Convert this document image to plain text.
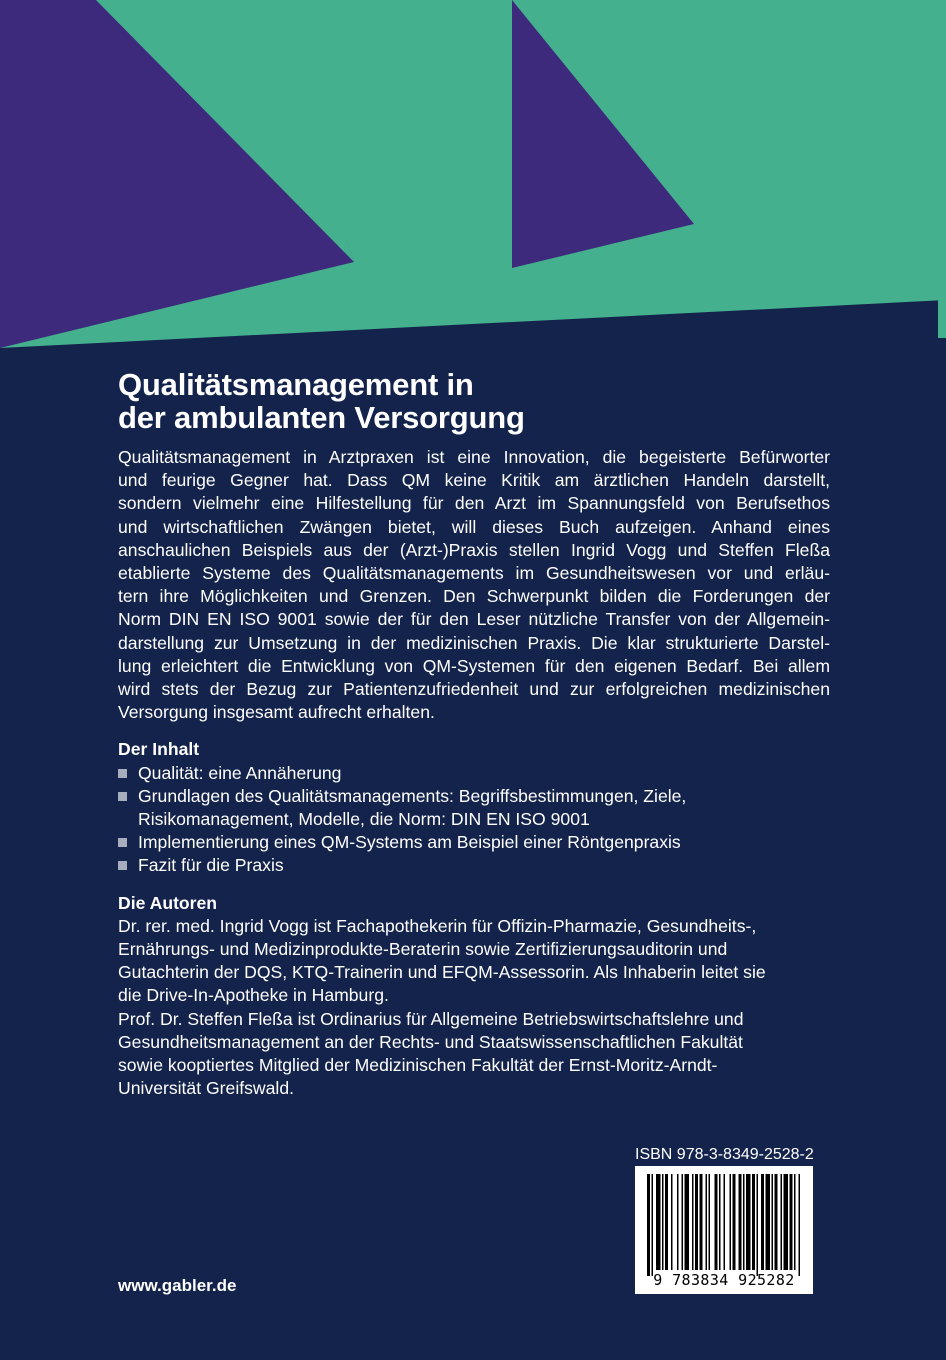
Qualitätsmanagement in
der ambulanten Versorgung

Qualitätsmanagement in Arztpraxen ist eine Innovation, die begeisterte Befürworter
und feurige Gegner hat. Dass QM keine Kritik am ärztlichen Handeln darstellt,
sondern vielmehr eine Hilfestellung für den Arzt im Spannungsfeld von Berufsethos
und wirtschaftlichen Zwängen bietet, will dieses Buch aufzeigen. Anhand eines
anschaulichen Beispiels aus der (Arzt-)Praxis stellen Ingrid Vogg und Steffen Fleßa
etablierte Systeme des Qualitätsmanagements im Gesundheitswesen vor und erläu-
tern ihre Möglichkeiten und Grenzen. Den Schwerpunkt bilden die Forderungen der
Norm DIN EN ISO 9001 sowie der für den Leser nützliche Transfer von der Allgemein-
darstellung zur Umsetzung in der medizinischen Praxis. Die klar strukturierte Darstel-
lung erleichtert die Entwicklung von QM-Systemen für den eigenen Bedarf. Bei allem
wird stets der Bezug zur Patientenzufriedenheit und zur erfolgreichen medizinischen
Versorgung insgesamt aufrecht erhalten.

Der Inhalt
Qualität: eine Annäherung
Grundlagen des Qualitätsmanagements: Begriffsbestimmungen, Ziele,
Risikomanagement, Modelle, die Norm: DIN EN ISO 9001
Implementierung eines QM-Systems am Beispiel einer Röntgenpraxis
Fazit für die Praxis
Die Autoren

Dr. rer. med. Ingrid Vogg ist Fachapothekerin für Offizin-Pharmazie, Gesundheits-,
Ernährungs- und Medizinprodukte-Beraterin sowie Zertifizierungsauditorin und
Gutachterin der DQS, KTQ-Trainerin und EFQM-Assessorin. Als Inhaberin leitet sie
die Drive-In-Apotheke in Hamburg.
Prof. Dr. Steffen Fleßa ist Ordinarius für Allgemeine Betriebswirtschaftslehre und
Gesundheitsmanagement an der Rechts- und Staatswissenschaftlichen Fakultät
sowie kooptiertes Mitglied der Medizinischen Fakultät der Ernst-Moritz-Arndt-
Universität Greifswald.

ISBN 978-3-8349-2528-2
9 783834 925282
www.gabler.de
